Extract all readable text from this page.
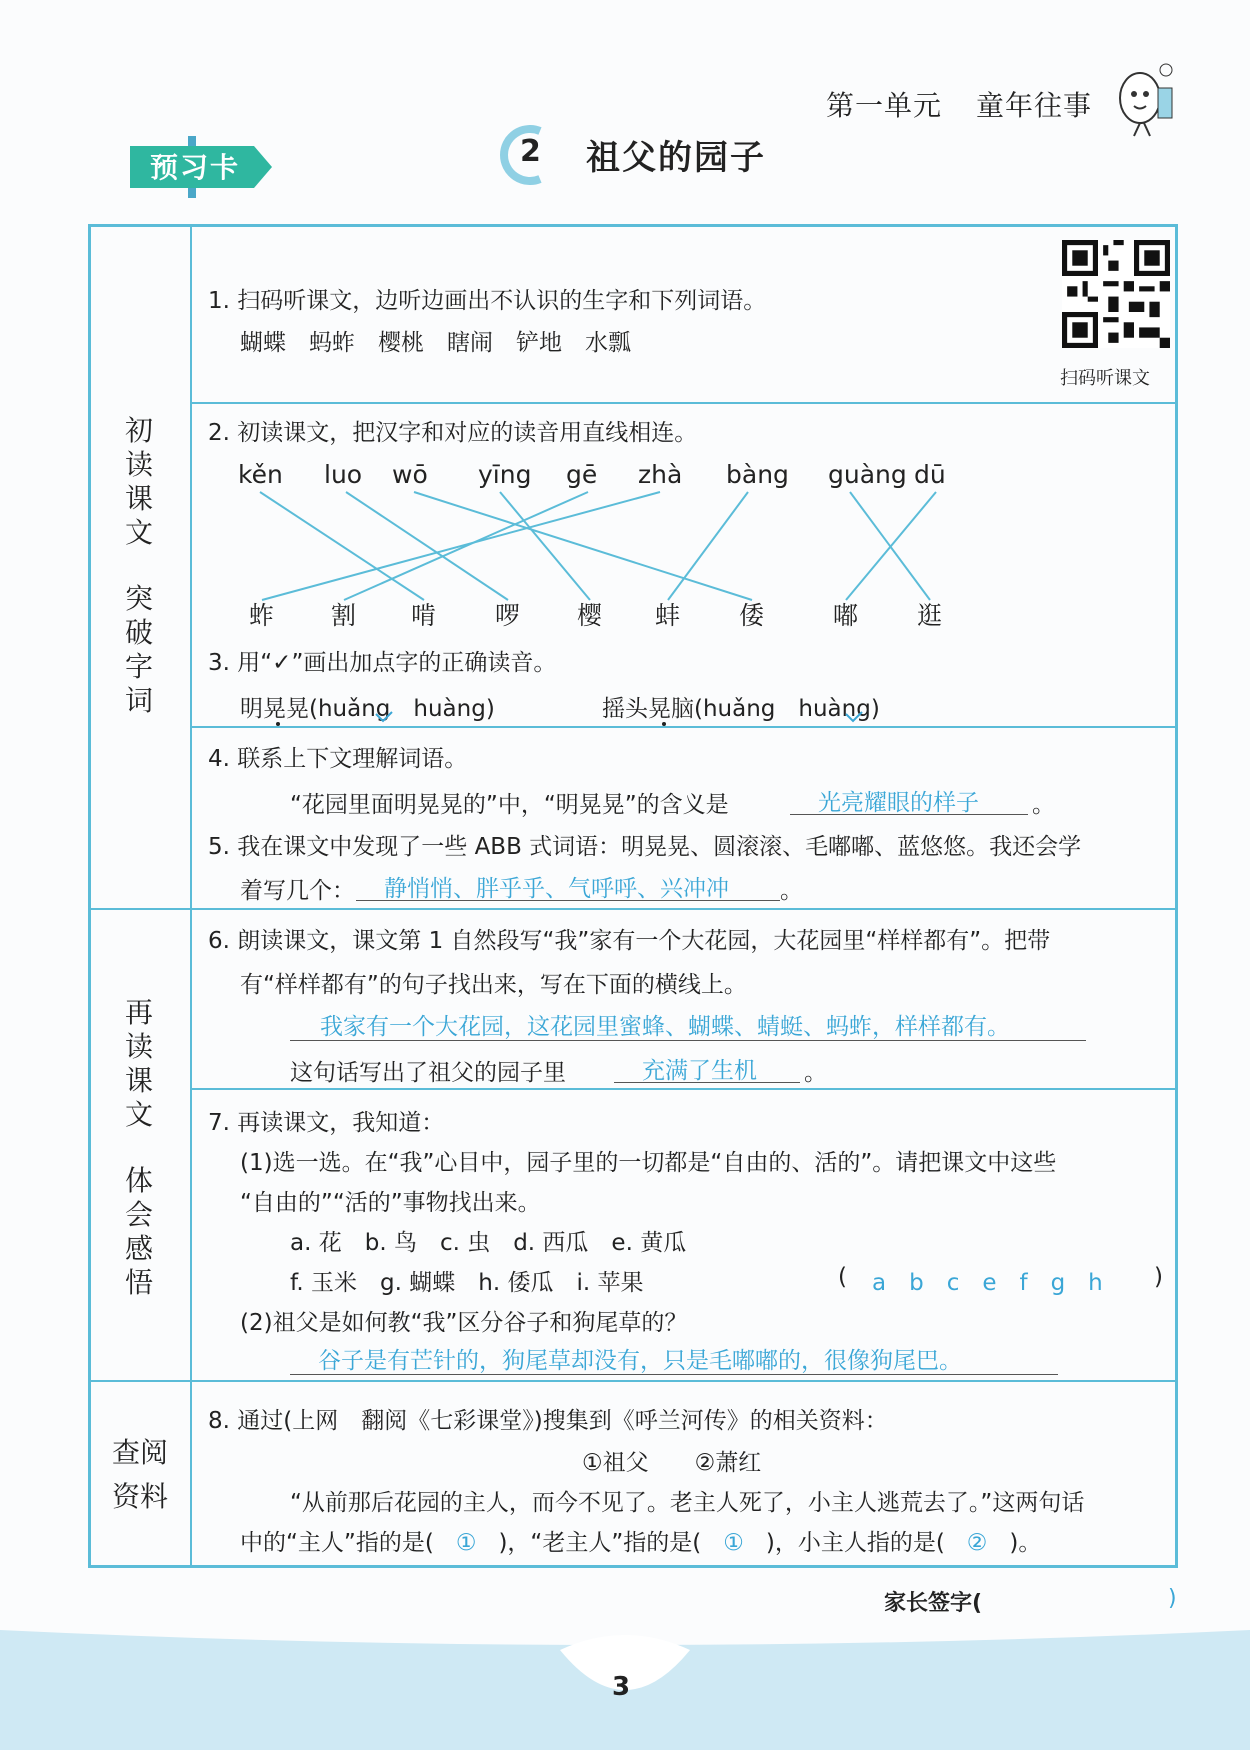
第一单元 童年往事
预习卡	2 祖父的园子
初
读
课
文
突
破
字
词
再
读
课
文
体
会
感
悟
查阅
资料
1. 扫码听课文，边听边画出不认识的生字和下列词语。
蝴蝶　 蚂蚱　 樱桃　 瞎闹　 铲地　 水瓢
扫码听课文
2. 初读课文，把汉字和对应的读音用直线相连。
kěn luo wō yīng gē zhà bàng guàng dū
蚱 割 啃 啰 樱 蚌 倭	嘟 逛
3. 用“✓”画出加点字的正确读音。
明晃晃(huǎng　huàng)	摇头晃脑(huǎng　huàng)
4. 联系上下文理解词语。
“花园里面明晃晃的”中，“明晃晃”的含义是	光亮耀眼的样子 。
5. 我在课文中发现了一些 ABB 式词语：明晃晃、圆滚滚、毛嘟嘟、蓝悠悠。我还会学
着写几个： 静悄悄、胖乎乎、气呼呼、兴冲冲 。
6. 朗读课文，课文第 1 自然段写“我”家有一个大花园，大花园里“样样都有”。把带
有“样样都有”的句子找出来，写在下面的横线上。
我家有一个大花园，这花园里蜜蜂、蝴蝶、蜻蜓、蚂蚱，样样都有。
这句话写出了祖父的园子里	充满了生机 。
7. 再读课文，我知道：
(1)选一选。在“我”心目中，园子里的一切都是“自由的、活的”。请把课文中这些
“自由的”“活的”事物找出来。
a. 花　b. 鸟　c. 虫　d. 西瓜　e. 黄瓜
f. 玉米　g. 蝴蝶　h. 倭瓜　i. 苹果	( a　b　c　e　f　g　h )
(2)祖父是如何教“我”区分谷子和狗尾草的？
谷子是有芒针的，狗尾草却没有，只是毛嘟嘟的，很像狗尾巴。
8. 通过(上网　翻阅《七彩课堂》)搜集到《呼兰河传》的相关资料：
①祖父　　②萧红
“从前那后花园的主人，而今不见了。老主人死了，小主人逃荒去了。”这两句话
中的“主人”指的是( ① )，“老主人”指的是( ① )，小主人指的是( ② )。
家长签字(	)
3
